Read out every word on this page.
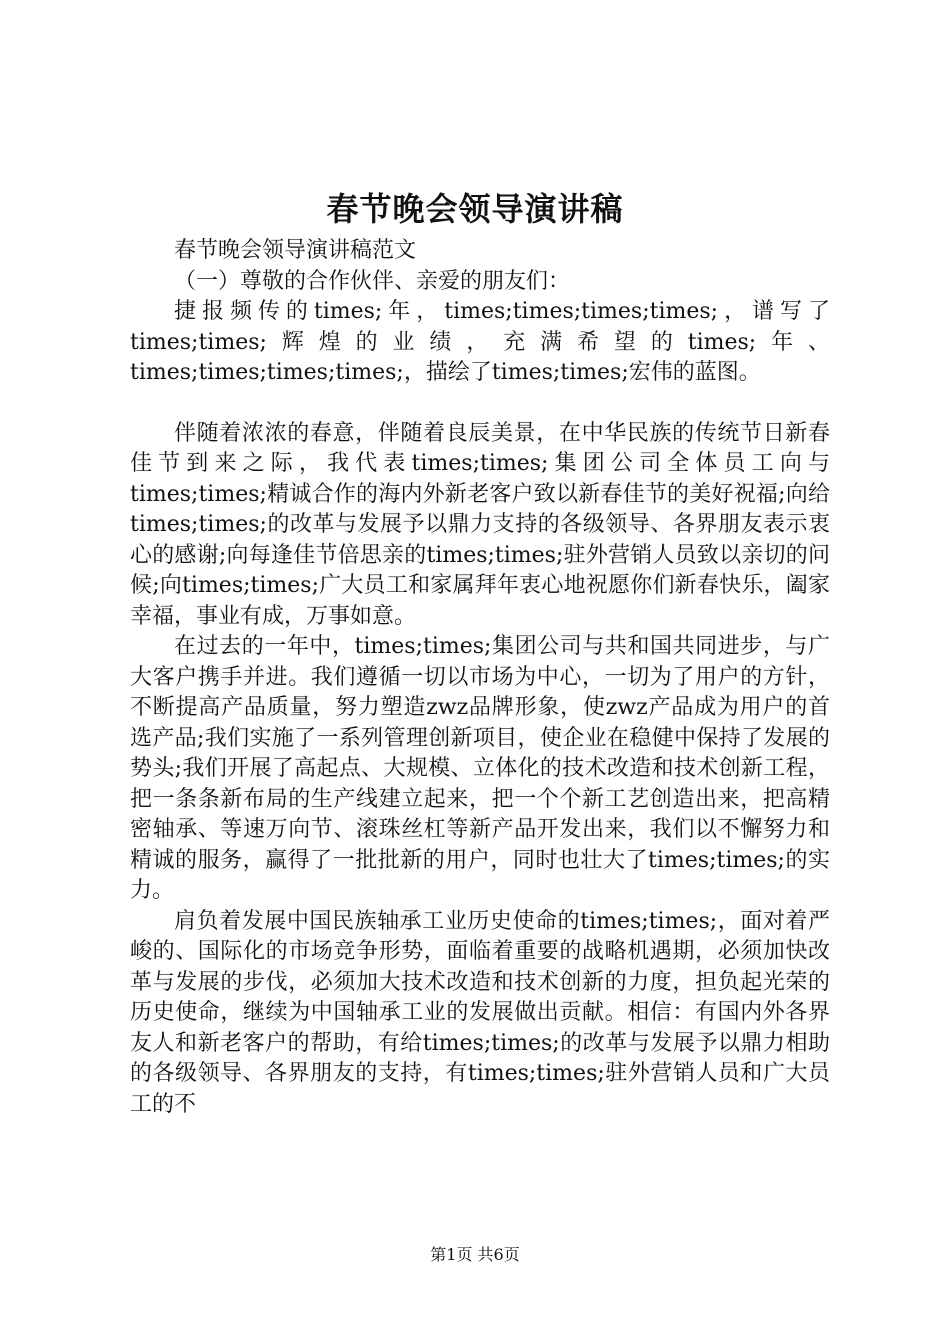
春节晚会领导演讲稿

春节晚会领导演讲稿范文

（一）尊敬的合作伙伴、亲爱的朋友们：

捷报频传的times;年，times;times;times;times;，谱写了times;times;辉煌的业绩，充满希望的times;年、times;times;times;times;，描绘了times;times;宏伟的蓝图。

伴随着浓浓的春意，伴随着良辰美景，在中华民族的传统节日新春佳节到来之际，我代表times;times;集团公司全体员工向与times;times;精诚合作的海内外新老客户致以新春佳节的美好祝福;向给times;times;的改革与发展予以鼎力支持的各级领导、各界朋友表示衷心的感谢;向每逢佳节倍思亲的times;times;驻外营销人员致以亲切的问候;向times;times;广大员工和家属拜年衷心地祝愿你们新春快乐，阖家幸福，事业有成，万事如意。

在过去的一年中，times;times;集团公司与共和国共同进步，与广大客户携手并进。我们遵循一切以市场为中心，一切为了用户的方针，不断提高产品质量，努力塑造zwz品牌形象，使zwz产品成为用户的首选产品;我们实施了一系列管理创新项目，使企业在稳健中保持了发展的势头;我们开展了高起点、大规模、立体化的技术改造和技术创新工程，把一条条新布局的生产线建立起来，把一个个新工艺创造出来，把高精密轴承、等速万向节、滚珠丝杠等新产品开发出来，我们以不懈努力和精诚的服务，赢得了一批批新的用户，同时也壮大了times;times;的实力。

肩负着发展中国民族轴承工业历史使命的times;times;，面对着严峻的、国际化的市场竞争形势，面临着重要的战略机遇期，必须加快改革与发展的步伐，必须加大技术改造和技术创新的力度，担负起光荣的历史使命，继续为中国轴承工业的发展做出贡献。相信：有国内外各界友人和新老客户的帮助，有给times;times;的改革与发展予以鼎力相助的各级领导、各界朋友的支持，有times;times;驻外营销人员和广大员工的不

第1页 共6页
